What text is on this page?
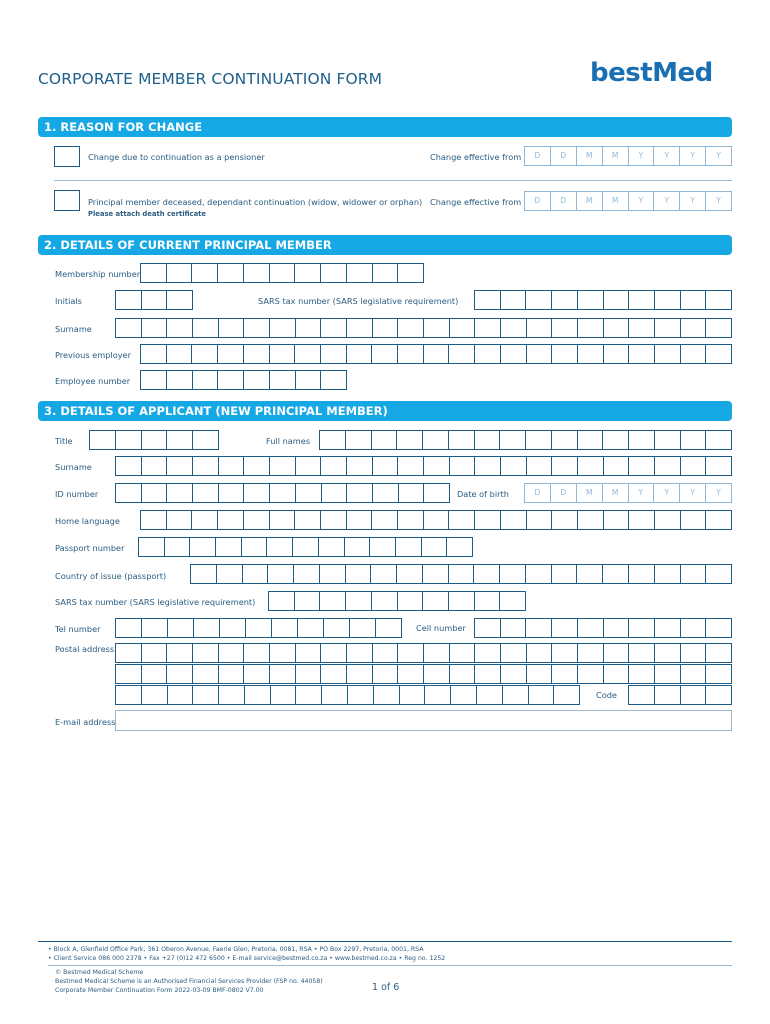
CORPORATE MEMBER CONTINUATION FORM	bestMed
1. REASON FOR CHANGE
Change due to continuation as a pensioner	Change effective from	D	D	M	M	Y	Y	Y	Y
Principal member deceased, dependant continuation (widow, widower or orphan)
Please attach death certificate
Change effective from	D	D	M	M	Y	Y	Y	Y
2. DETAILS OF CURRENT PRINCIPAL MEMBER
Membership number
Initials	SARS tax number (SARS legislative requirement)
Surname
Previous employer
Employee number
3. DETAILS OF APPLICANT (NEW PRINCIPAL MEMBER)
Title	Full names
Surname
ID number	Date of birth	D	D	M	M	Y	Y	Y	Y
Home language
Passport number
Country of issue (passport)
SARS tax number (SARS legislative requirement)
Tel number	Cell number
Postal address
Code
E-mail address
• Block A, Glenfield Office Park, 361 Oberon Avenue, Faerie Glen, Pretoria, 0081, RSA • PO Box 2297, Pretoria, 0001, RSA
• Client Service 086 000 2378 • Fax +27 (0)12 472 6500 • E-mail service@bestmed.co.za • www.bestmed.co.za • Reg no. 1252
© Bestmed Medical Scheme
Bestmed Medical Scheme is an Authorised Financial Services Provider (FSP no. 44058)
Corporate Member Continuation Form 2022-03-09 BMF-0802 V7.00	1 of 6
